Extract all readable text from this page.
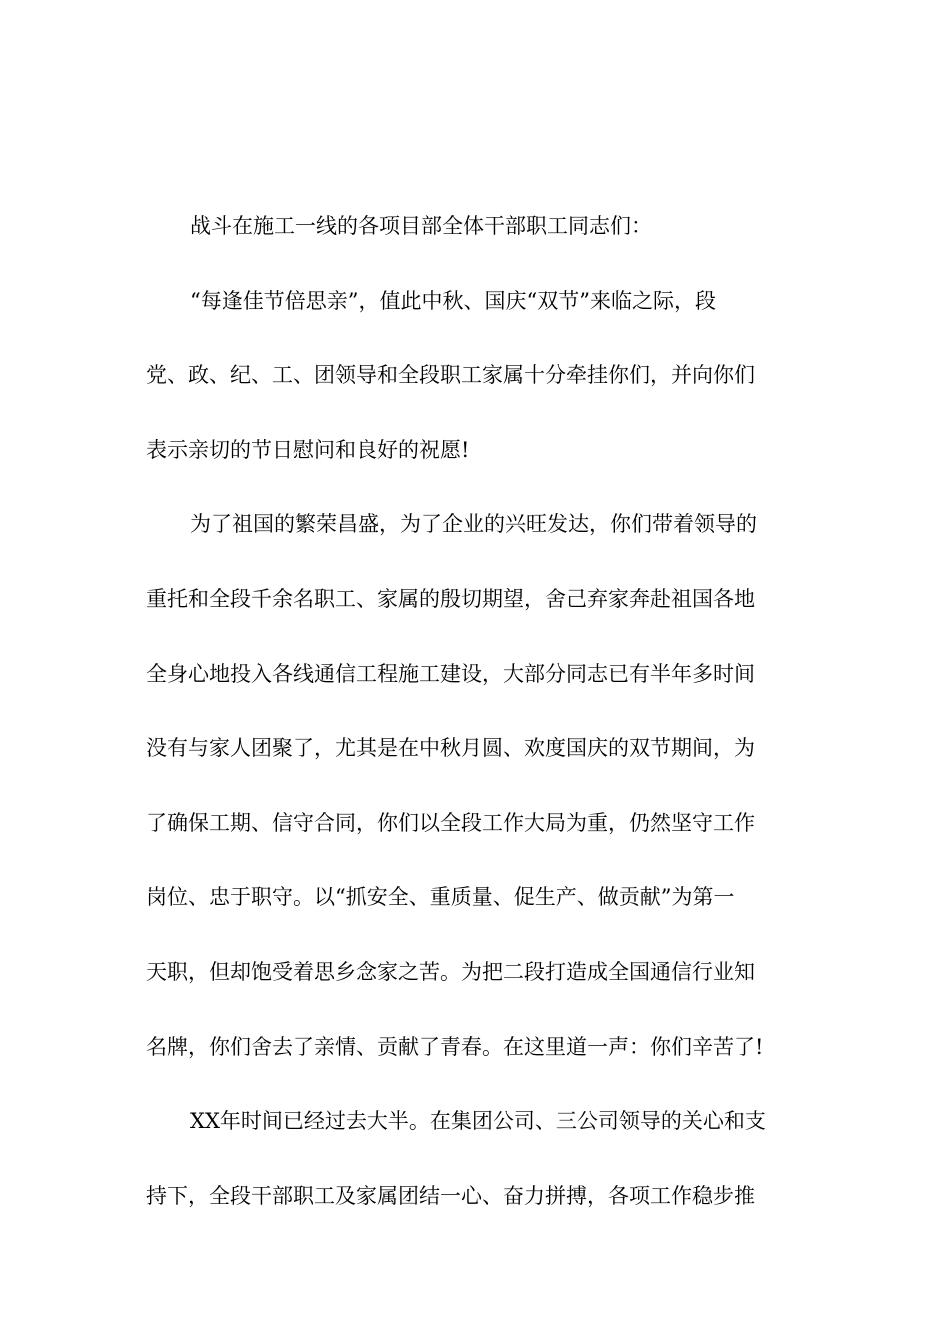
战斗在施工一线的各项目部全体干部职工同志们：
“每逢佳节倍思亲”，值此中秋、国庆“双节”来临之际，段
党、政、纪、工、团领导和全段职工家属十分牵挂你们，并向你们
表示亲切的节日慰问和良好的祝愿!
为了祖国的繁荣昌盛，为了企业的兴旺发达，你们带着领导的
重托和全段千余名职工、家属的殷切期望，舍己弃家奔赴祖国各地
全身心地投入各线通信工程施工建设，大部分同志已有半年多时间
没有与家人团聚了，尤其是在中秋月圆、欢度国庆的双节期间，为
了确保工期、信守合同，你们以全段工作大局为重，仍然坚守工作
岗位、忠于职守。以“抓安全、重质量、促生产、做贡献”为第一
天职，但却饱受着思乡念家之苦。为把二段打造成全国通信行业知
名牌，你们舍去了亲情、贡献了青春。在这里道一声：你们辛苦了!
XX年时间已经过去大半。在集团公司、三公司领导的关心和支
持下，全段干部职工及家属团结一心、奋力拼搏，各项工作稳步推
